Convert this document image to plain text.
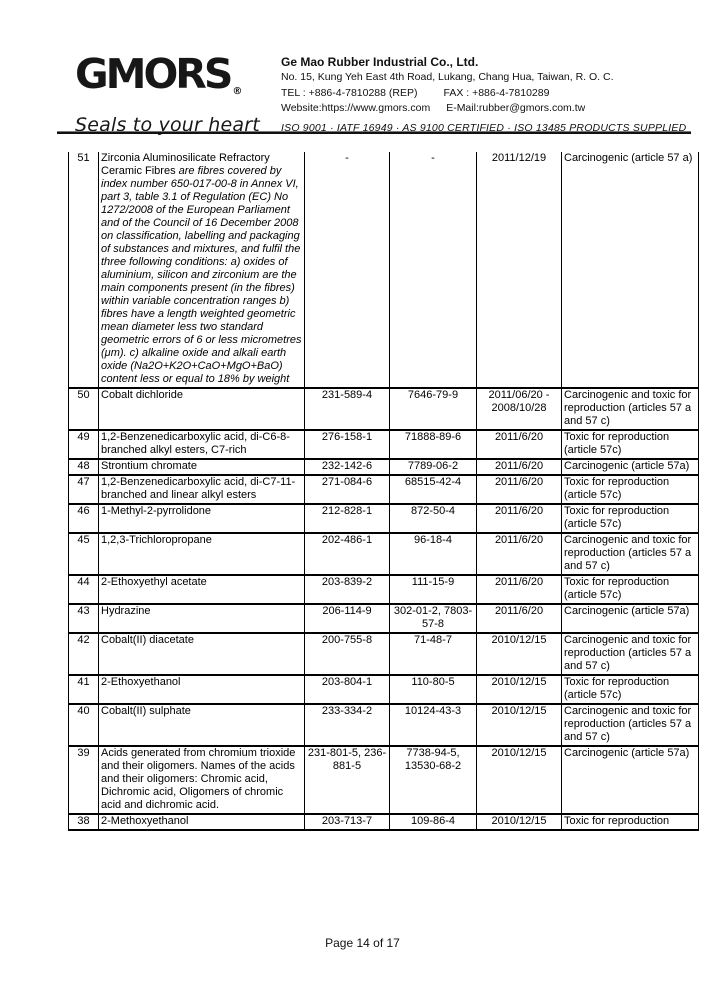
GMORS ®
Seals to your heart
Ge Mao Rubber Industrial Co., Ltd.
No. 15, Kung Yeh East 4th Road, Lukang, Chang Hua, Taiwan, R. O. C.
TEL : +886-4-7810288 (REP) FAX : +886-4-7810289
Website:https://www.gmors.com E-Mail:rubber@gmors.com.tw
ISO 9001 · IATF 16949 · AS 9100 CERTIFIED · ISO 13485 PRODUCTS SUPPLIED
51	Zirconia Aluminosilicate Refractory Ceramic Fibres are fibres covered by index number 650-017-00-8 in Annex VI, part 3, table 3.1 of Regulation (EC) No 1272/2008 of the European Parliament and of the Council of 16 December 2008 on classification, labelling and packaging of substances and mixtures, and fulfil the three following conditions: a) oxides of aluminium, silicon and zirconium are the main components present (in the fibres) within variable concentration ranges b) fibres have a length weighted geometric mean diameter less two standard geometric errors of 6 or less micrometres (μm). c) alkaline oxide and alkali earth oxide (Na2O+K2O+CaO+MgO+BaO) content less or equal to 18% by weight	-	-	2011/12/19	Carcinogenic (article 57 a)
50	Cobalt dichloride	231-589-4	7646-79-9	2011/06/20 - 2008/10/28	Carcinogenic and toxic for reproduction (articles 57 a and 57 c)
49	1,2-Benzenedicarboxylic acid, di-C6-8-branched alkyl esters, C7-rich	276-158-1	71888-89-6	2011/6/20	Toxic for reproduction (article 57c)
48	Strontium chromate	232-142-6	7789-06-2	2011/6/20	Carcinogenic (article 57a)
47	1,2-Benzenedicarboxylic acid, di-C7-11-branched and linear alkyl esters	271-084-6	68515-42-4	2011/6/20	Toxic for reproduction (article 57c)
46	1-Methyl-2-pyrrolidone	212-828-1	872-50-4	2011/6/20	Toxic for reproduction (article 57c)
45	1,2,3-Trichloropropane	202-486-1	96-18-4	2011/6/20	Carcinogenic and toxic for reproduction (articles 57 a and 57 c)
44	2-Ethoxyethyl acetate	203-839-2	111-15-9	2011/6/20	Toxic for reproduction (article 57c)
43	Hydrazine	206-114-9	302-01-2, 7803-57-8	2011/6/20	Carcinogenic (article 57a)
42	Cobalt(II) diacetate	200-755-8	71-48-7	2010/12/15	Carcinogenic and toxic for reproduction (articles 57 a and 57 c)
41	2-Ethoxyethanol	203-804-1	110-80-5	2010/12/15	Toxic for reproduction (article 57c)
40	Cobalt(II) sulphate	233-334-2	10124-43-3	2010/12/15	Carcinogenic and toxic for reproduction (articles 57 a and 57 c)
39	Acids generated from chromium trioxide and their oligomers. Names of the acids and their oligomers: Chromic acid, Dichromic acid, Oligomers of chromic acid and dichromic acid.	231-801-5, 236-881-5	7738-94-5, 13530-68-2	2010/12/15	Carcinogenic (article 57a)
38	2-Methoxyethanol	203-713-7	109-86-4	2010/12/15	Toxic for reproduction
Page 14 of 17
